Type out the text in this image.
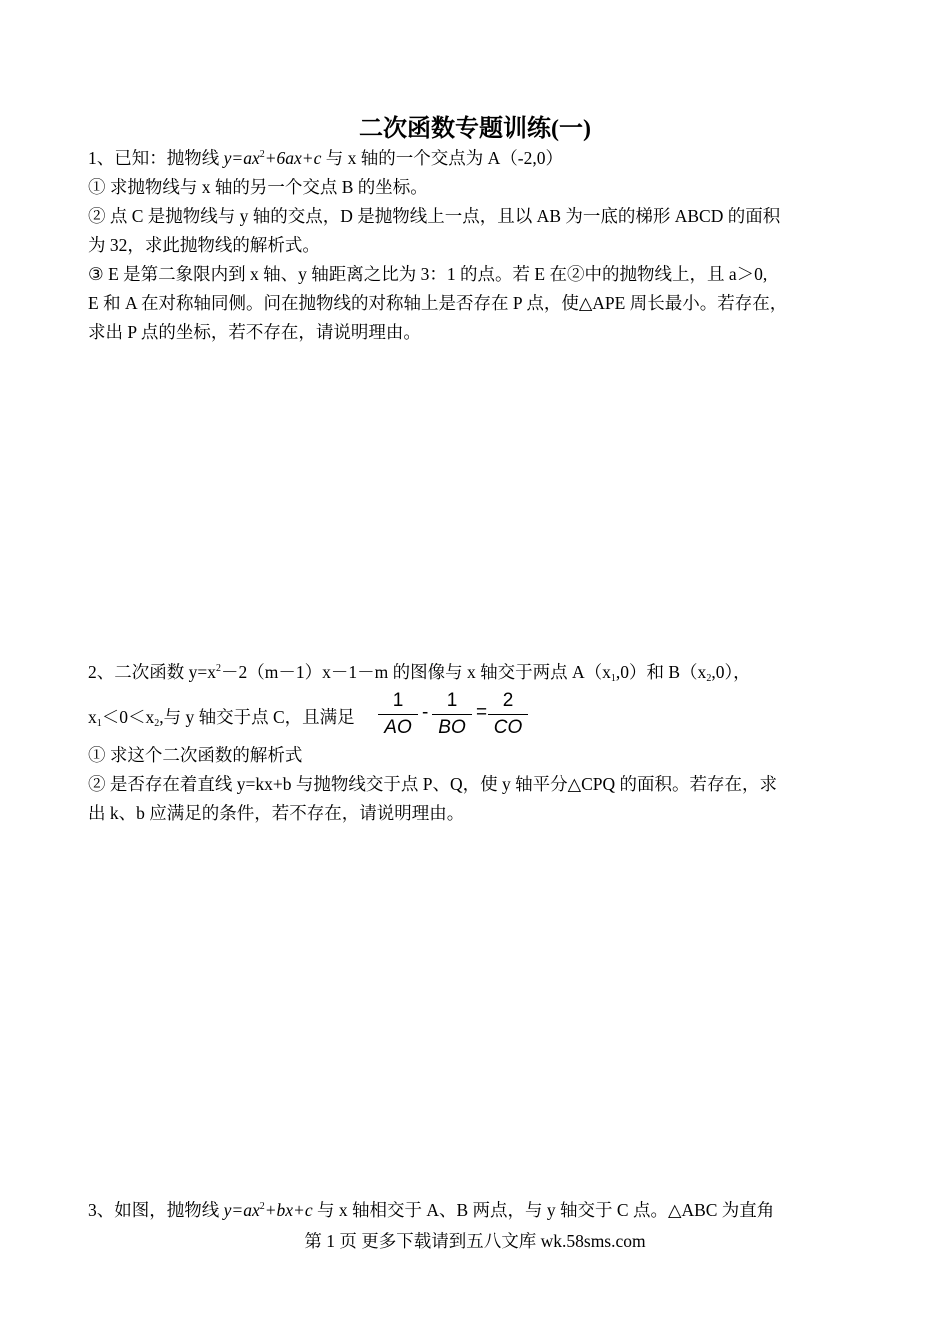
二次函数专题训练(一)
1、已知：抛物线 $y=ax^2+6ax+c$ 与 x 轴的一个交点为 A（-2,0）
① 求抛物线与 x 轴的另一个交点 B 的坐标。
② 点 C 是抛物线与 y 轴的交点，D 是抛物线上一点，且以 AB 为一底的梯形 ABCD 的面积
为 32，求此抛物线的解析式。
③ E 是第二象限内到 x 轴、y 轴距离之比为 3：1 的点。若 E 在②中的抛物线上，且 a＞0,
E 和 A 在对称轴同侧。问在抛物线的对称轴上是否存在 P 点，使△APE 周长最小。若存在，
求出 P 点的坐标，若不存在，请说明理由。
2、二次函数 $y=x^2-2(m-1)x-1-m$ 的图像与 x 轴交于两点 $A(x_1,0)$和 $B(x_2,0)$，
$x_1<0<x_2$,与 y 轴交于点 C，且满足
1
AO
-
1
BO
=
2
CO
① 求这个二次函数的解析式
② 是否存在着直线 y=kx+b 与抛物线交于点 P、Q，使 y 轴平分△CPQ 的面积。若存在，求
出 k、b 应满足的条件，若不存在，请说明理由。
3、如图，抛物线 $y=ax^2+bx+c$ 与 x 轴相交于 A、B 两点，与 y 轴交于 C 点。△ABC 为直角
第 1 页 更多下载请到五八文库 wk.58sms.com
